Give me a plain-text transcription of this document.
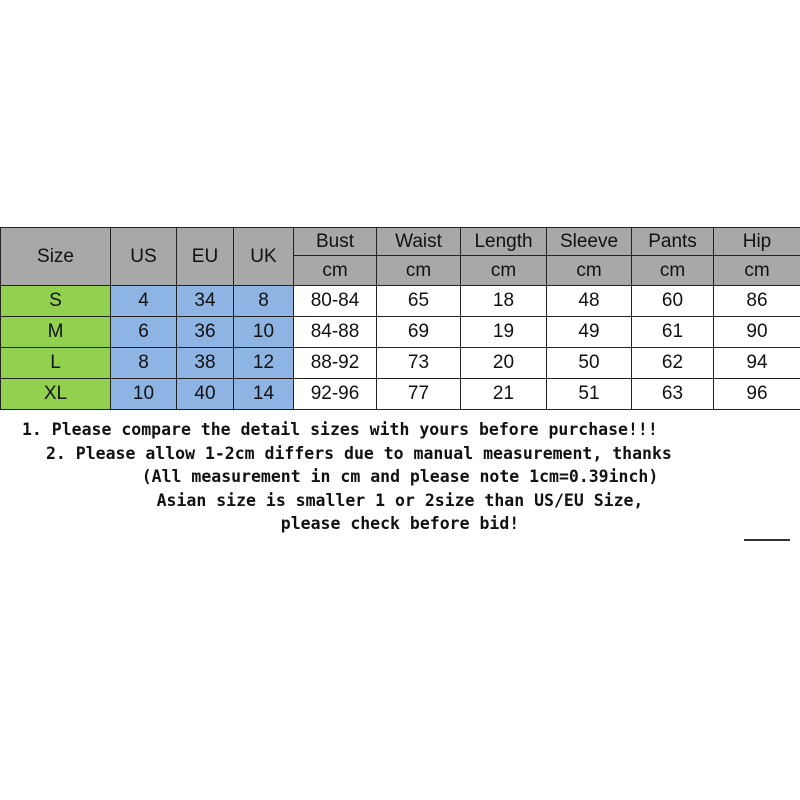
Size	US	EU	UK	Bust	Waist	Length	Sleeve	Pants	Hip
				cm	cm	cm	cm	cm	cm
S	4	34	8	80-84	65	18	48	60	86
M	6	36	10	84-88	69	19	49	61	90
L	8	38	12	88-92	73	20	50	62	94
XL	10	40	14	92-96	77	21	51	63	96
1. Please compare the detail sizes with yours before purchase!!!
2. Please allow 1-2cm differs due to manual measurement, thanks
(All measurement in cm and please note 1cm=0.39inch)
Asian size is smaller 1 or 2size than US/EU Size,
please check before bid!
